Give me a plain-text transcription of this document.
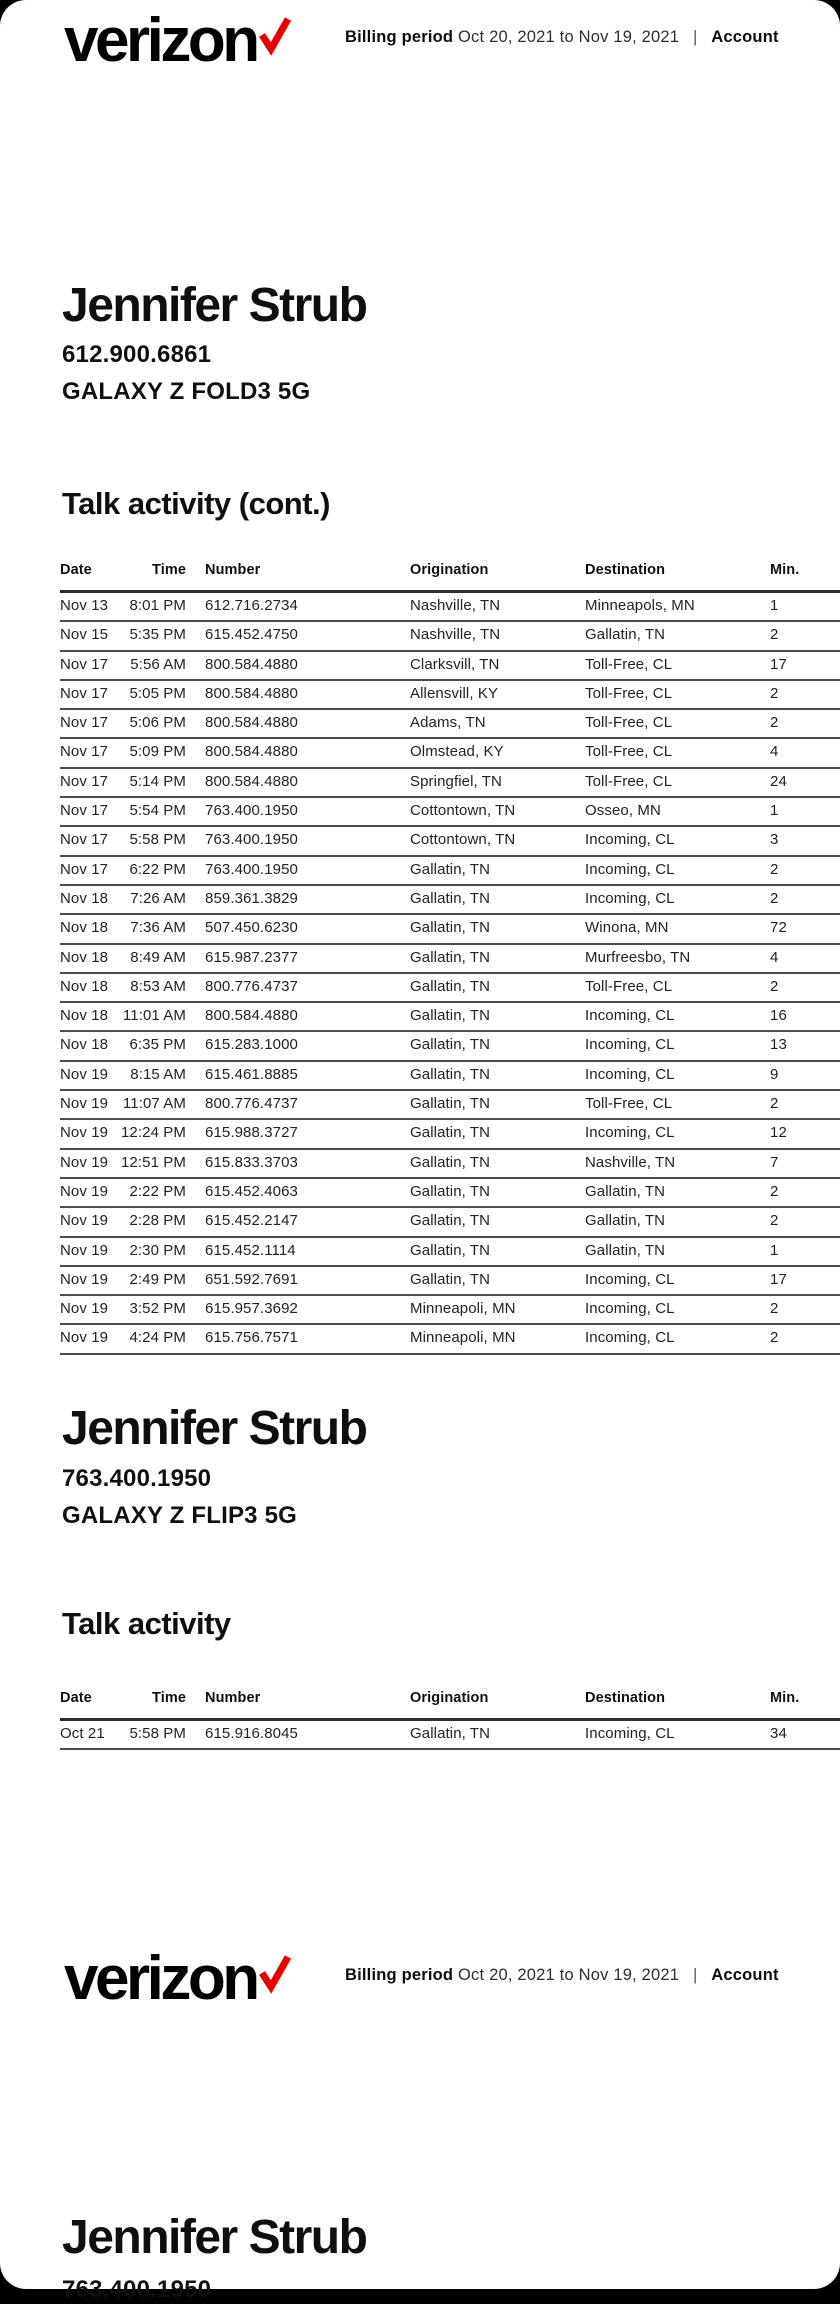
verizon	Billing period Oct 20, 2021 to Nov 19, 2021 | Account
Jennifer Strub
612.900.6861
GALAXY Z FOLD3 5G
Talk activity (cont.)
Date	Time Number	Origination	Destination	Min.
Nov 13	8:01 PM 612.716.2734	Nashville, TN	Minneapols, MN	1
Nov 15	5:35 PM 615.452.4750	Nashville, TN	Gallatin, TN	2
Nov 17	5:56 AM 800.584.4880	Clarksvill, TN	Toll-Free, CL	17
Nov 17	5:05 PM 800.584.4880	Allensvill, KY	Toll-Free, CL	2
Nov 17	5:06 PM 800.584.4880	Adams, TN	Toll-Free, CL	2
Nov 17	5:09 PM 800.584.4880	Olmstead, KY	Toll-Free, CL	4
Nov 17	5:14 PM 800.584.4880	Springfiel, TN	Toll-Free, CL	24
Nov 17	5:54 PM 763.400.1950	Cottontown, TN	Osseo, MN	1
Nov 17	5:58 PM 763.400.1950	Cottontown, TN	Incoming, CL	3
Nov 17	6:22 PM 763.400.1950	Gallatin, TN	Incoming, CL	2
Nov 18	7:26 AM 859.361.3829	Gallatin, TN	Incoming, CL	2
Nov 18	7:36 AM 507.450.6230	Gallatin, TN	Winona, MN	72
Nov 18	8:49 AM 615.987.2377	Gallatin, TN	Murfreesbo, TN	4
Nov 18	8:53 AM 800.776.4737	Gallatin, TN	Toll-Free, CL	2
Nov 18 11:01 AM 800.584.4880	Gallatin, TN	Incoming, CL	16
Nov 18	6:35 PM 615.283.1000	Gallatin, TN	Incoming, CL	13
Nov 19	8:15 AM 615.461.8885	Gallatin, TN	Incoming, CL	9
Nov 19 11:07 AM 800.776.4737	Gallatin, TN	Toll-Free, CL	2
Nov 19 12:24 PM 615.988.3727	Gallatin, TN	Incoming, CL	12
Nov 19 12:51 PM 615.833.3703	Gallatin, TN	Nashville, TN	7
Nov 19	2:22 PM 615.452.4063	Gallatin, TN	Gallatin, TN	2
Nov 19	2:28 PM 615.452.2147	Gallatin, TN	Gallatin, TN	2
Nov 19	2:30 PM 615.452.1114	Gallatin, TN	Gallatin, TN	1
Nov 19	2:49 PM 651.592.7691	Gallatin, TN	Incoming, CL	17
Nov 19	3:52 PM 615.957.3692	Minneapoli, MN	Incoming, CL	2
Nov 19	4:24 PM 615.756.7571	Minneapoli, MN	Incoming, CL	2
Jennifer Strub
763.400.1950
GALAXY Z FLIP3 5G
Talk activity
Date	Time Number	Origination	Destination	Min.
Oct 21	5:58 PM 615.916.8045	Gallatin, TN	Incoming, CL	34
verizon	Billing period Oct 20, 2021 to Nov 19, 2021 | Account
Jennifer Strub
763.400.1950
